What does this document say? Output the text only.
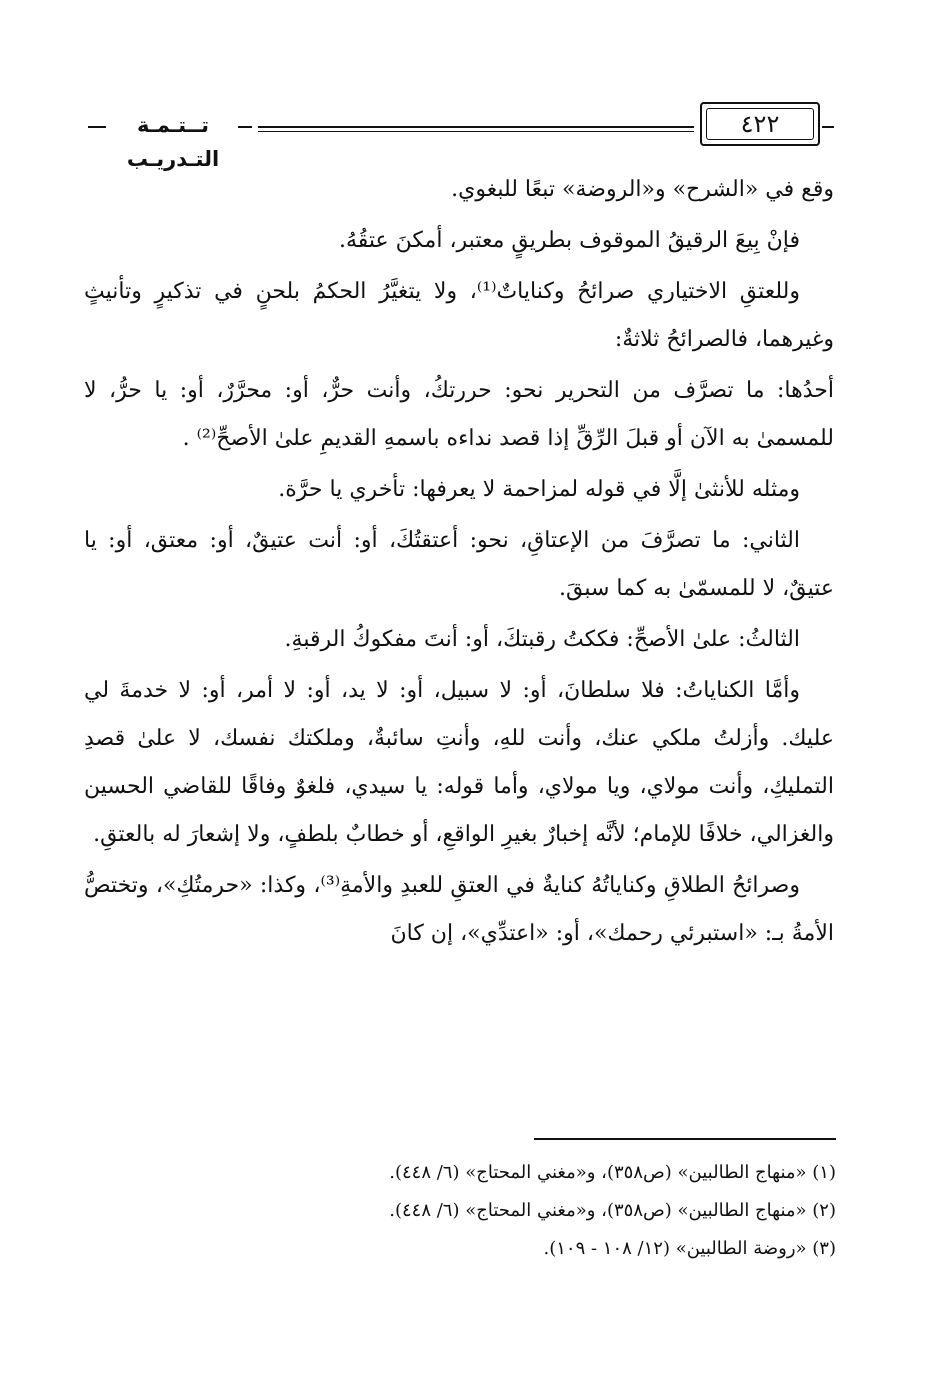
تــتـمـة التـدريـب
٤٢٢

وقع في «الشرح» و«الروضة» تبعًا للبغوي.

فإنْ بِيعَ الرقيقُ الموقوف بطريقٍ معتبر، أمكنَ عتقُهُ.

وللعتقِ الاختياري صرائحُ وكناياتٌ⁽¹⁾، ولا يتغيَّرُ الحكمُ بلحنٍ في تذكيرٍ وتأنيثٍ وغيرهما، فالصرائحُ ثلاثةٌ:

أحدُها: ما تصرَّف من التحرير نحو: حررتكُ، وأنت حرٌّ، أو: محرَّرٌ، أو: يا حرُّ، لا للمسمىٰ به الآن أو قبلَ الرِّقِّ إذا قصد نداءه باسمهِ القديمِ علىٰ الأصحِّ⁽²⁾ .

ومثله للأنثىٰ إلَّا في قوله لمزاحمة لا يعرفها: تأخري يا حرَّة.

الثاني: ما تصرَّفَ من الإعتاقِ، نحو: أعتقتُكَ، أو: أنت عتيقٌ، أو: معتق، أو: يا عتيقٌ، لا للمسمّىٰ به كما سبقَ.

الثالثُ: علىٰ الأصحِّ: فككتُ رقبتكَ، أو: أنتَ مفكوكُ الرقبةِ.

وأمَّا الكناياتُ: فلا سلطانَ، أو: لا سبيل، أو: لا يد، أو: لا أمر، أو: لا خدمةَ لي عليك. وأزلتُ ملكي عنك، وأنت للهِ، وأنتِ سائبةٌ، وملكتك نفسك، لا علىٰ قصدِ التمليكِ، وأنت مولاي، ويا مولاي، وأما قوله: يا سيدي، فلغوٌ وفاقًا للقاضي الحسين والغزالي، خلافًا للإمام؛ لأنَّه إخبارٌ بغيرِ الواقعِ، أو خطابٌ بلطفٍ، ولا إشعارَ له بالعتقِ.

وصرائحُ الطلاقِ وكناياتُهُ كنايةٌ في العتقِ للعبدِ والأمةِ⁽³⁾، وكذا: «حرمتُكِ»، وتختصُّ الأمةُ بـ: «استبرئي رحمك»، أو: «اعتدِّي»، إن كانَ

(١) «منهاج الطالبين» (ص٣٥٨)، و«مغني المحتاج» (٦/ ٤٤٨).
(٢) «منهاج الطالبين» (ص٣٥٨)، و«مغني المحتاج» (٦/ ٤٤٨).
(٣) «روضة الطالبين» (١٢/ ١٠٨ - ١٠٩).
